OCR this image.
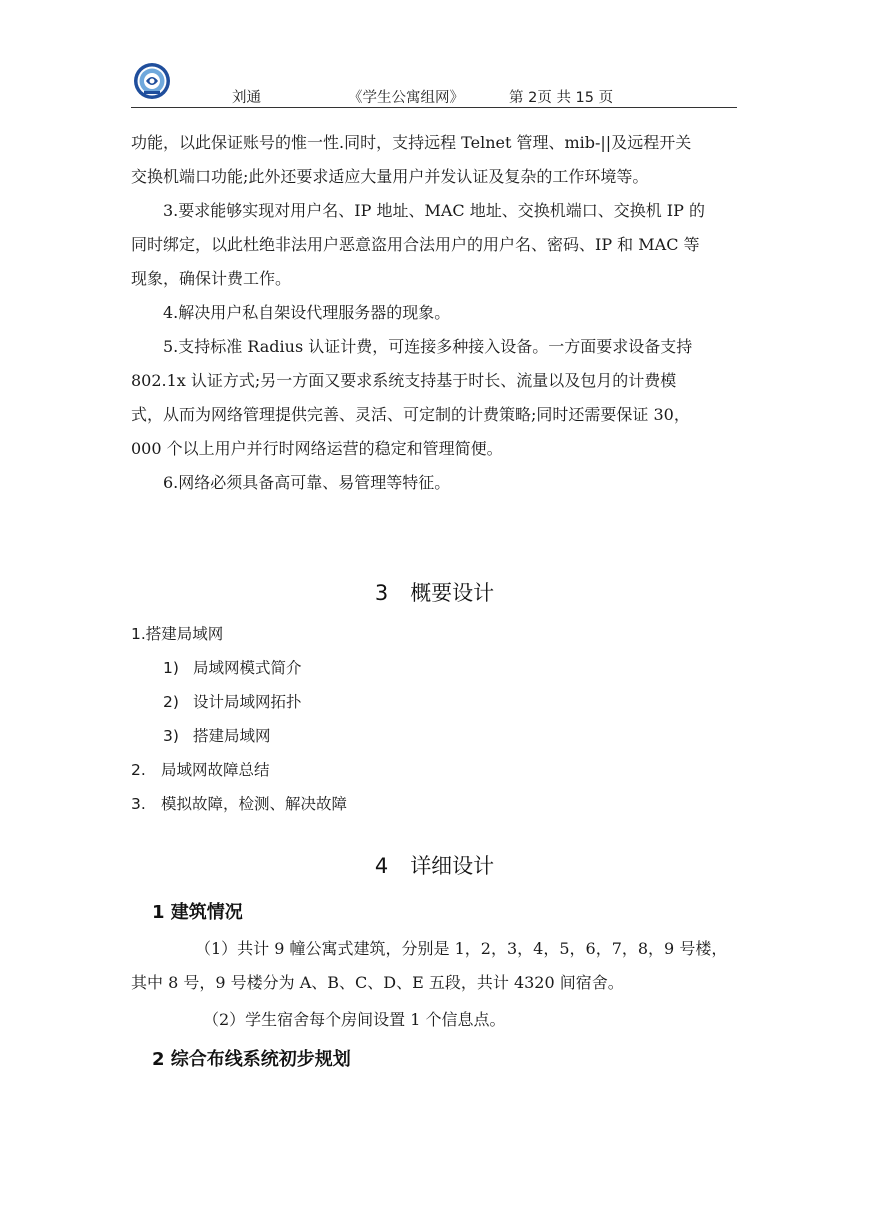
刘通	《学生公寓组网》	第 2页 共 15 页
功能，以此保证账号的惟一性.同时，支持远程 Telnet 管理、mib-||及远程开关
交换机端口功能;此外还要求适应大量用户并发认证及复杂的工作环境等。
3.要求能够实现对用户名、IP 地址、MAC 地址、交换机端口、交换机 IP 的
同时绑定，以此杜绝非法用户恶意盗用合法用户的用户名、密码、IP 和 MAC 等
现象，确保计费工作。
4.解决用户私自架设代理服务器的现象。
5.支持标准 Radius 认证计费，可连接多种接入设备。一方面要求设备支持
802.1x 认证方式;另一方面又要求系统支持基于时长、流量以及包月的计费模
式，从而为网络管理提供完善、灵活、可定制的计费策略;同时还需要保证 30，
000 个以上用户并行时网络运营的稳定和管理简便。
6.网络必须具备高可靠、易管理等特征。
3 概要设计
1.搭建局域网
1) 局域网模式简介
2) 设计局域网拓扑
3) 搭建局域网
2. 局域网故障总结
3. 模拟故障，检测、解决故障
4 详细设计
1 建筑情况
（1）共计 9 幢公寓式建筑，分别是 1，2，3，4，5，6，7，8，9 号楼，
其中 8 号，9 号楼分为 A、B、C、D、E 五段，共计 4320 间宿舍。
（2）学生宿舍每个房间设置 1 个信息点。
2 综合布线系统初步规划
